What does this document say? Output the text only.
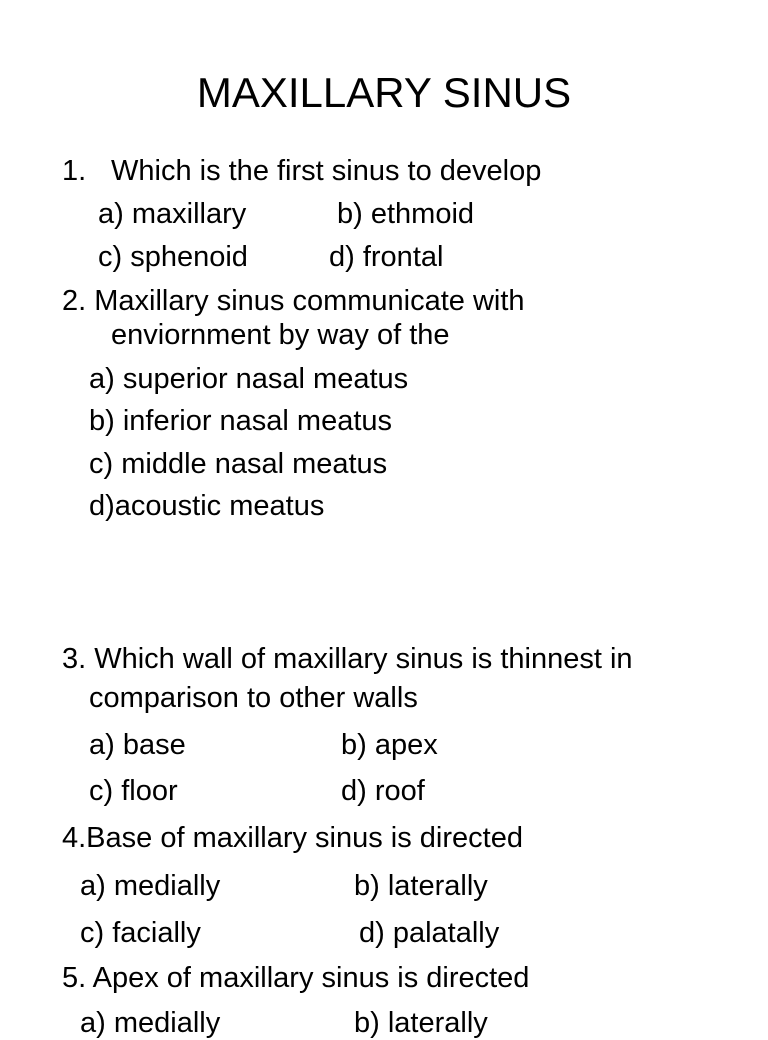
MAXILLARY SINUS
1. Which is the first sinus to develop
a) maxillary	b) ethmoid
c) sphenoid	d) frontal
2. Maxillary sinus communicate with
enviornment by way of the
a) superior nasal meatus
b) inferior nasal meatus
c) middle nasal meatus
d)acoustic meatus
3. Which wall of maxillary sinus is thinnest in
comparison to other walls
a) base	b) apex
c) floor	d) roof
4.Base of maxillary sinus is directed
a) medially	b) laterally
c) facially	d) palatally
5. Apex of maxillary sinus is directed
a) medially	b) laterally
